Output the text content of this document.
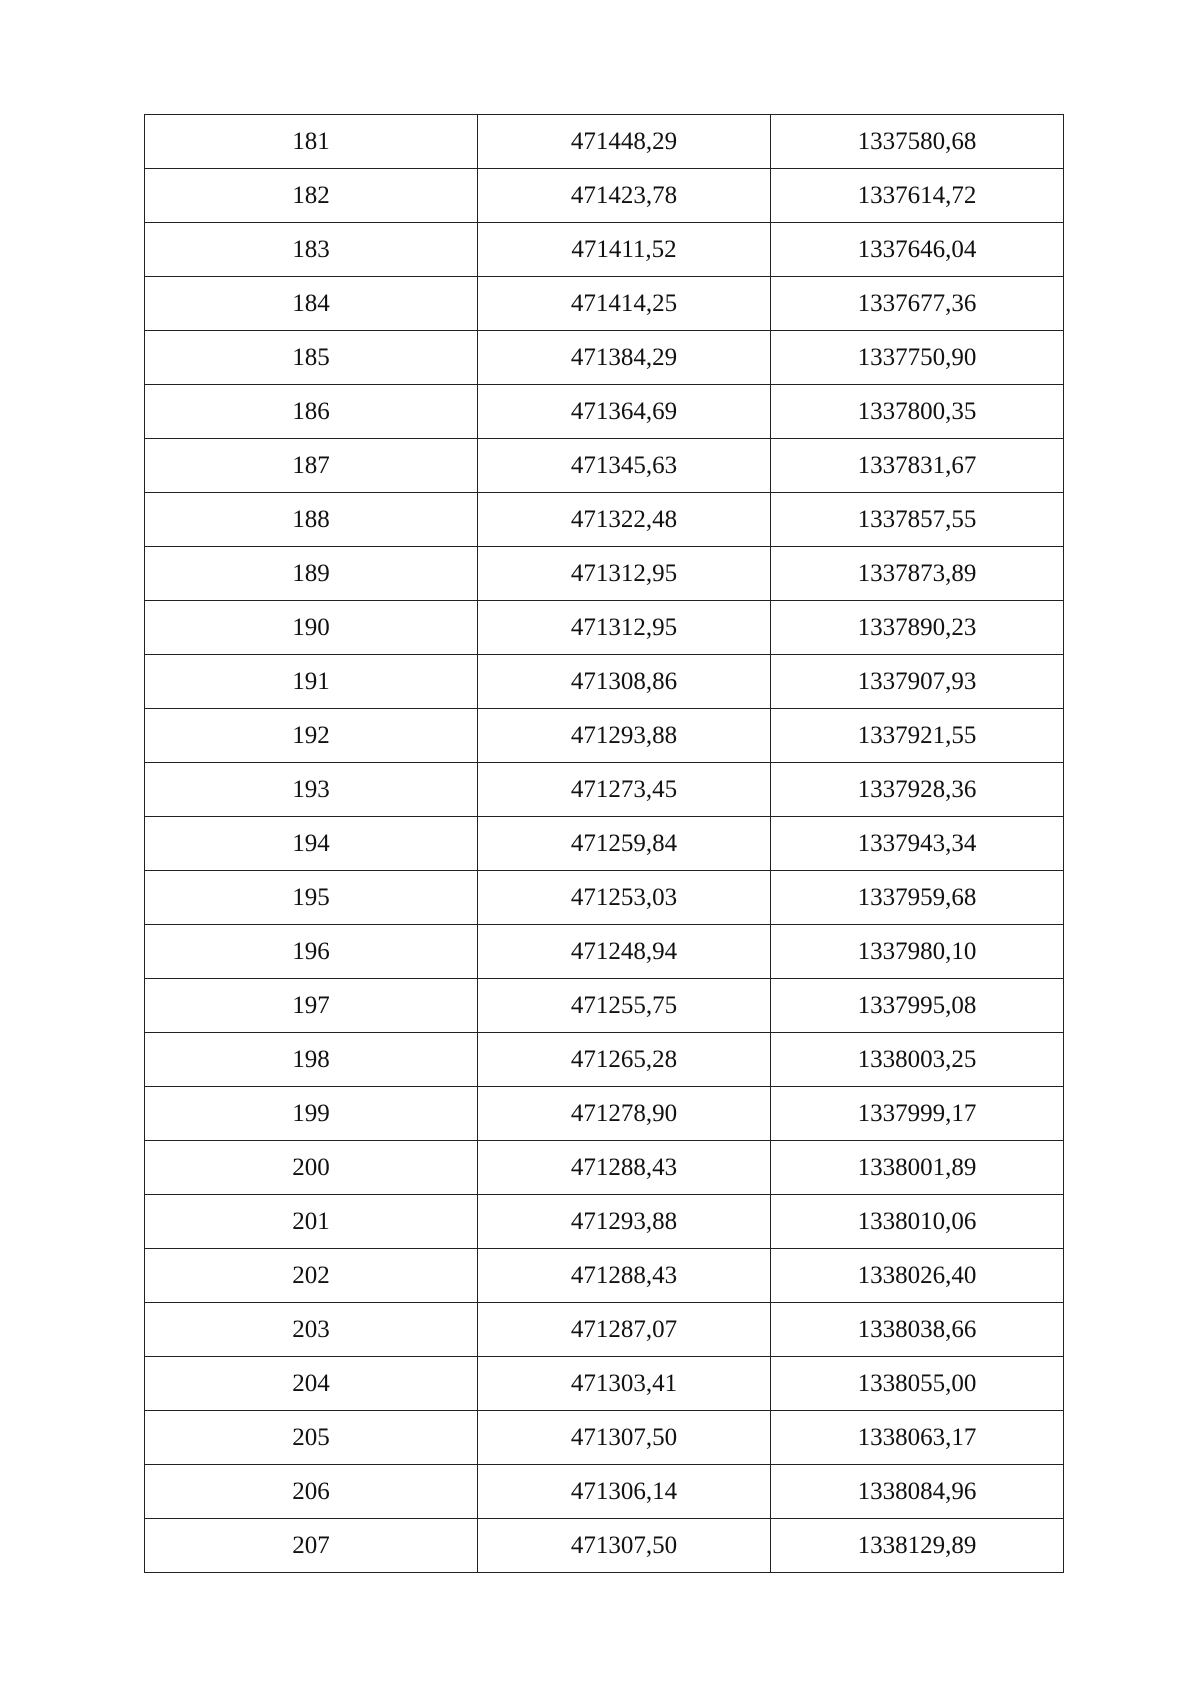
181	471448,29	1337580,68
182	471423,78	1337614,72
183	471411,52	1337646,04
184	471414,25	1337677,36
185	471384,29	1337750,90
186	471364,69	1337800,35
187	471345,63	1337831,67
188	471322,48	1337857,55
189	471312,95	1337873,89
190	471312,95	1337890,23
191	471308,86	1337907,93
192	471293,88	1337921,55
193	471273,45	1337928,36
194	471259,84	1337943,34
195	471253,03	1337959,68
196	471248,94	1337980,10
197	471255,75	1337995,08
198	471265,28	1338003,25
199	471278,90	1337999,17
200	471288,43	1338001,89
201	471293,88	1338010,06
202	471288,43	1338026,40
203	471287,07	1338038,66
204	471303,41	1338055,00
205	471307,50	1338063,17
206	471306,14	1338084,96
207	471307,50	1338129,89
